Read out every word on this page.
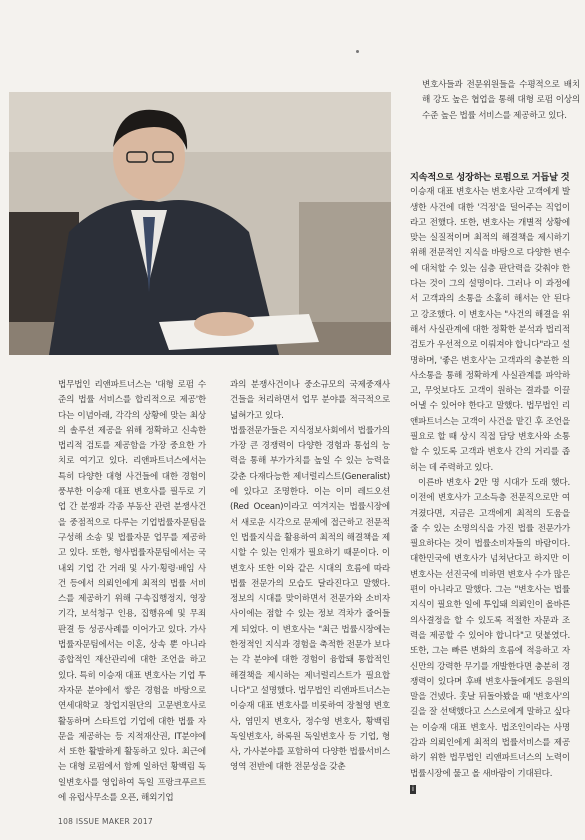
법무법인 리앤파트너스는 '대형 로펌 수준의 법률 서비스를 합리적으로 제공'한다는 이념아래, 각각의 상황에 맞는 최상의 솔루션 제공을 위해 정확하고 신속한 법리적 검토를 제공함을 가장 중요한 가치로 여기고 있다. 리앤파트너스에서는 특히 다양한 대형 사건들에 대한 경험이 풍부한 이승재 대표 변호사를 필두로 기업 간 분쟁과 각종 부동산 관련 분쟁사건을 중점적으로 다루는 기업법률자문팀을 구성해 소송 및 법률자문 업무를 제공하고 있다. 또한, 형사법률자문팀에서는 국내외 기업 간 거래 및 사기·횡령·배임 사건 등에서 의뢰인에게 최적의 법률 서비스를 제공하기 위해 구속집행정지, 영장기각, 보석청구 인용, 집행유예 및 무죄 판결 등 성공사례를 이어가고 있다. 가사법률자문팀에서는 이혼, 상속 뿐 아니라 종합적인 재산관리에 대한 조언을 하고 있다. 특히 이승재 대표 변호사는 기업 투자자문 분야에서 쌓은 경험을 바탕으로 연세대학교 창업지원단의 고문변호사로 활동하며 스타트업 기업에 대한 법률 자문을 제공하는 등 지적재산권, IT분야에서 또한 활발하게 활동하고 있다. 최근에는 대형 로펌에서 함께 일하던 황백림 독일변호사를 영입하여 독일 프랑크푸르트에 유럽사무소를 오픈, 해외기업

과의 분쟁사건이나 중소규모의 국제중재사건들을 처리하면서 업무 분야를 적극적으로 넓혀가고 있다.
법률전문가들은 지식정보사회에서 법률가의 가장 큰 경쟁력이 다양한 경험과 통섭의 능력을 통해 부가가치를 높일 수 있는 능력을 갖춘 다재다능한 제너럴리스트(Generalist)에 있다고 조명한다. 이는 이미 레드오션(Red Ocean)이라고 여겨지는 법률시장에서 새로운 시각으로 문제에 접근하고 전문적인 법률지식을 활용하여 최적의 해결책을 제시할 수 있는 인재가 필요하기 때문이다. 이 변호사 또한 이와 같은 시대의 흐름에 따라 법률 전문가의 모습도 달라진다고 말했다. 정보의 시대를 맞이하면서 전문가와 소비자 사이에는 점할 수 있는 정보 격차가 줄어들게 되었다. 이 변호사는 "최근 법률시장에는 한정적인 지식과 경험을 축적한 전문가 보다는 각 분야에 대한 경험이 융합돼 통합적인 해결책을 제시하는 제너럴리스트가 필요합니다"고 설명했다. 법무법인 리앤파트너스는 이승재 대표 변호사를 비롯하여 장철영 변호사, 염민지 변호사, 정수영 변호사, 황백림 독일변호사, 하록원 독일변호사 등 기업, 형사, 가사분야를 포함하여 다양한 법률서비스 영역 전반에 대한 전문성을 갖춘

변호사들과 전문위원들을 수평적으로 배치해 강도 높은 협업을 통해 대형 로펌 이상의 수준 높은 법률 서비스를 제공하고 있다.

지속적으로 성장하는 로펌으로 거듭날 것

이승재 대표 변호사는 변호사란 고객에게 발생한 사건에 대한 '걱정'을 덜어주는 직업이라고 전했다. 또한, 변호사는 개별적 상황에 맞는 실질적이며 최적의 해결책을 제시하기 위해 전문적인 지식을 바탕으로 다양한 변수에 대처할 수 있는 심층 판단력을 갖춰야 한다는 것이 그의 설명이다. 그러나 이 과정에서 고객과의 소통을 소홀히 해서는 안 된다고 강조했다. 이 변호사는 "사건의 해결을 위해서 사실관계에 대한 정확한 분석과 법리적 검토가 우선적으로 이뤄져야 합니다"라고 설명하며, '좋은 변호사'는 고객과의 충분한 의사소통을 통해 정확하게 사실관계를 파악하고, 무엇보다도 고객이 원하는 결과를 이끌어낼 수 있어야 한다고 말했다. 법무법인 리앤파트너스는 고객이 사건을 맡긴 후 조언을 필요로 할 때 상시 직접 담당 변호사와 소통할 수 있도록 고객과 변호사 간의 거리를 좁히는 데 주력하고 있다.

이른바 변호사 2만 명 시대가 도래 했다. 이전에 변호사가 고소득층 전문직으로만 여겨졌다면, 지금은 고객에게 최적의 도움을 줄 수 있는 소명의식을 가진 법률 전문가가 필요하다는 것이 법률소비자들의 바람이다. 대한민국에 변호사가 넘쳐난다고 하지만 이 변호사는 선진국에 비하면 변호사 수가 많은 편이 아니라고 말했다. 그는 "변호사는 법률 지식이 필요한 일에 투입돼 의뢰인이 올바른 의사결정을 할 수 있도록 적절한 자문과 조력을 제공할 수 있어야 합니다"고 덧붙였다. 또한, 그는 빠른 변화의 흐름에 적응하고 자신만의 강력한 무기를 개발한다면 충분히 경쟁력이 있다며 후배 변호사들에게도 응원의 말을 건넸다. 훗날 뒤돌아봤을 때 '변호사'의 길을 잘 선택했다고 스스로에게 말하고 싶다는 이승재 대표 변호사. 법조인이라는 사명감과 의뢰인에게 최적의 법률서비스를 제공하기 위한 법무법인 리앤파트너스의 노력이 법률시장에 물고 올 새바람이 기대된다.

i
108 ISSUE MAKER 2017
